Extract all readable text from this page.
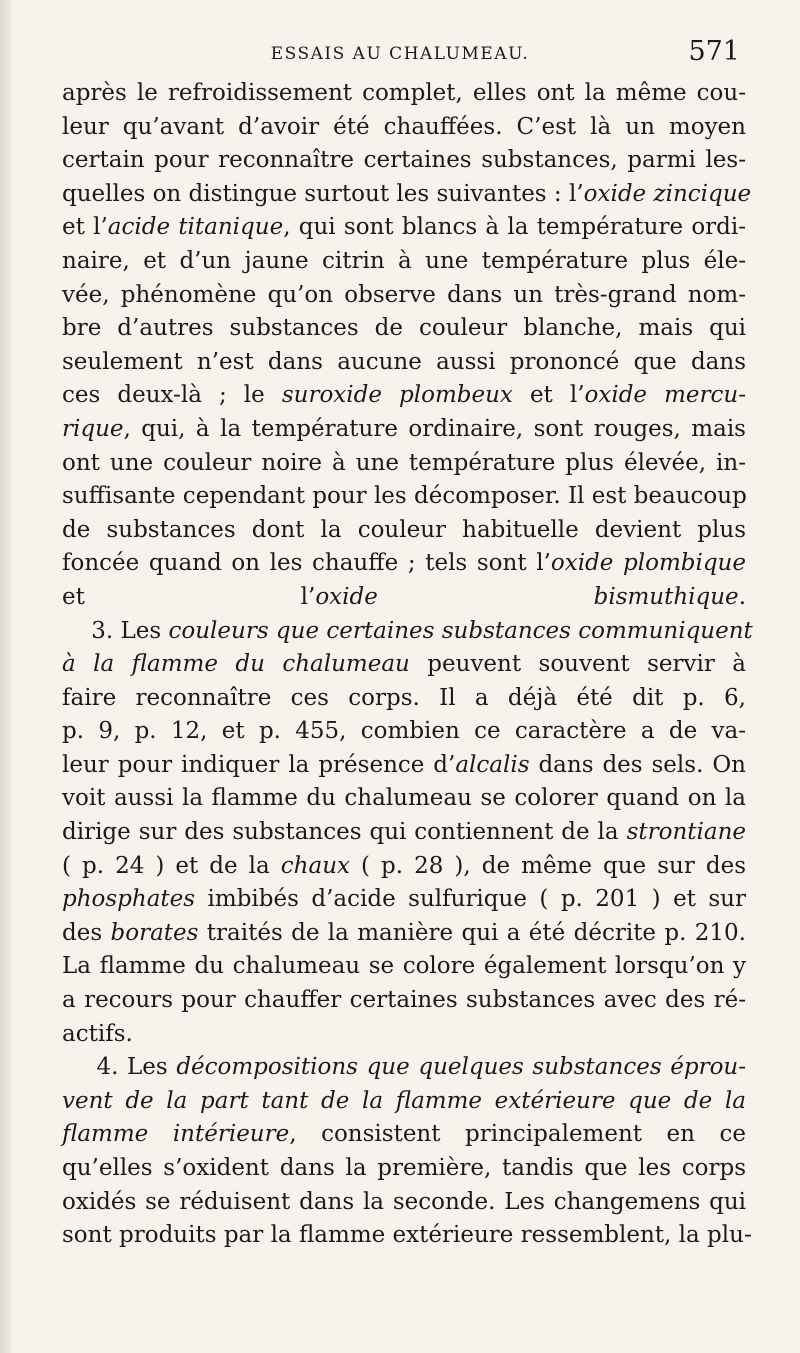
ESSAIS AU CHALUMEAU.	571
après le refroidissement complet, elles ont la même cou-
leur qu’avant d’avoir été chauffées. C’est là un moyen
certain pour reconnaître certaines substances, parmi les-
quelles on distingue surtout les suivantes : l’oxide zincique
et l’acide titanique, qui sont blancs à la température ordi-
naire, et d’un jaune citrin à une température plus éle-
vée, phénomène qu’on observe dans un très-grand nom-
bre d’autres substances de couleur blanche, mais qui
seulement n’est dans aucune aussi prononcé que dans
ces deux-là ; le suroxide plombeux et l’oxide mercu-
rique, qui, à la température ordinaire, sont rouges, mais
ont une couleur noire à une température plus élevée, in-
suffisante cependant pour les décomposer. Il est beaucoup
de substances dont la couleur habituelle devient plus
foncée quand on les chauffe ; tels sont l’oxide plombique
et l’oxide bismuthique.
3. Les couleurs que certaines substances communiquent
à la flamme du chalumeau peuvent souvent servir à
faire reconnaître ces corps. Il a déjà été dit p. 6,
p. 9, p. 12, et p. 455, combien ce caractère a de va-
leur pour indiquer la présence d’alcalis dans des sels. On
voit aussi la flamme du chalumeau se colorer quand on la
dirige sur des substances qui contiennent de la strontiane
( p. 24 ) et de la chaux ( p. 28 ), de même que sur des
phosphates imbibés d’acide sulfurique ( p. 201 ) et sur
des borates traités de la manière qui a été décrite p. 210.
La flamme du chalumeau se colore également lorsqu’on y
a recours pour chauffer certaines substances avec des ré-
actifs.
4. Les décompositions que quelques substances éprou-
vent de la part tant de la flamme extérieure que de la
flamme intérieure, consistent principalement en ce
qu’elles s’oxident dans la première, tandis que les corps
oxidés se réduisent dans la seconde. Les changemens qui
sont produits par la flamme extérieure ressemblent, la plu-
